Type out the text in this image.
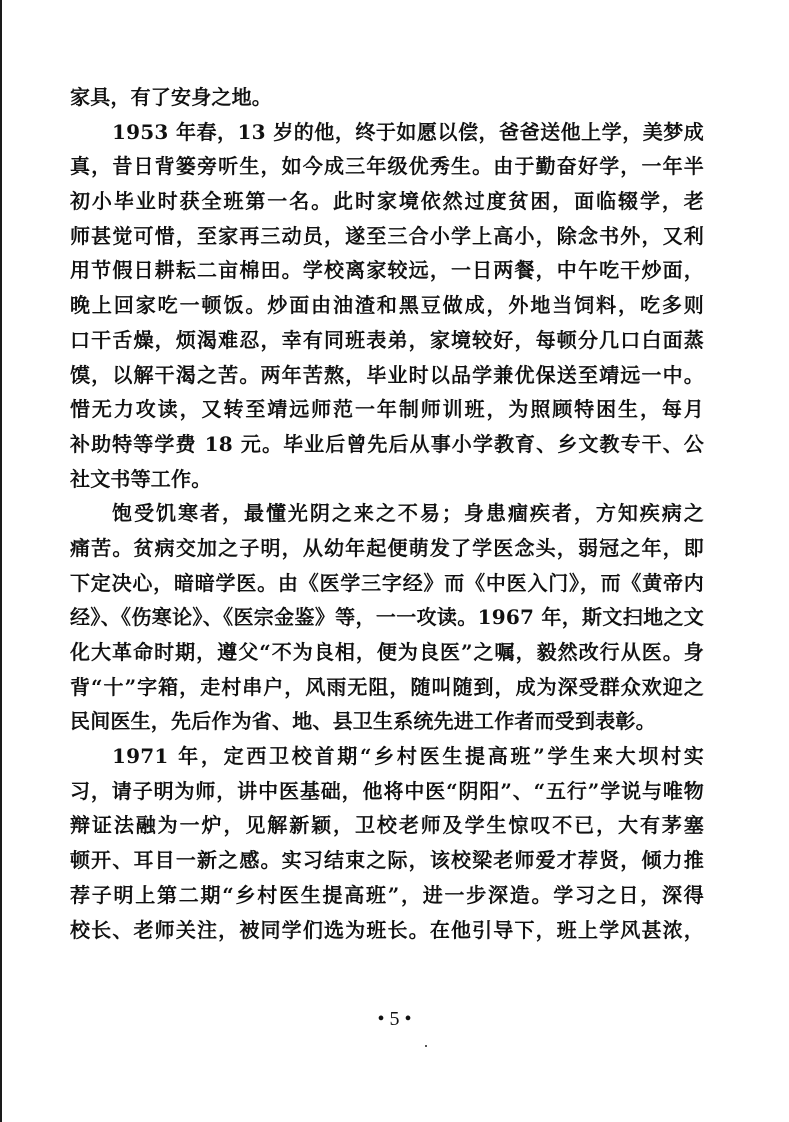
家具，有了安身之地。
1953 年春，13 岁的他，终于如愿以偿，爸爸送他上学，美梦成
真，昔日背篓旁听生，如今成三年级优秀生。由于勤奋好学，一年半
初小毕业时获全班第一名。此时家境依然过度贫困，面临辍学，老
师甚觉可惜，至家再三动员，遂至三合小学上高小，除念书外，又利
用节假日耕耘二亩棉田。学校离家较远，一日两餐，中午吃干炒面，
晚上回家吃一顿饭。炒面由油渣和黑豆做成，外地当饲料，吃多则
口干舌燥，烦渴难忍，幸有同班表弟，家境较好，每顿分几口白面蒸
馍，以解干渴之苦。两年苦熬，毕业时以品学兼优保送至靖远一中。
惜无力攻读，又转至靖远师范一年制师训班，为照顾特困生，每月
补助特等学费 18 元。毕业后曾先后从事小学教育、乡文教专干、公
社文书等工作。
饱受饥寒者，最懂光阴之来之不易；身患痼疾者，方知疾病之
痛苦。贫病交加之子明，从幼年起便萌发了学医念头，弱冠之年，即
下定决心，暗暗学医。由《医学三字经》而《中医入门》，而《黄帝内
经》、《伤寒论》、《医宗金鉴》等，一一攻读。1967 年，斯文扫地之文
化大革命时期，遵父“不为良相，便为良医”之嘱，毅然改行从医。身
背“十”字箱，走村串户，风雨无阻，随叫随到，成为深受群众欢迎之
民间医生，先后作为省、地、县卫生系统先进工作者而受到表彰。
1971 年，定西卫校首期“乡村医生提高班”学生来大坝村实
习，请子明为师，讲中医基础，他将中医“阴阳”、“五行”学说与唯物
辩证法融为一炉，见解新颖，卫校老师及学生惊叹不已，大有茅塞
顿开、耳目一新之感。实习结束之际，该校梁老师爱才荐贤，倾力推
荐子明上第二期“乡村医生提高班”，进一步深造。学习之日，深得
校长、老师关注，被同学们选为班长。在他引导下，班上学风甚浓，
• 5 •
